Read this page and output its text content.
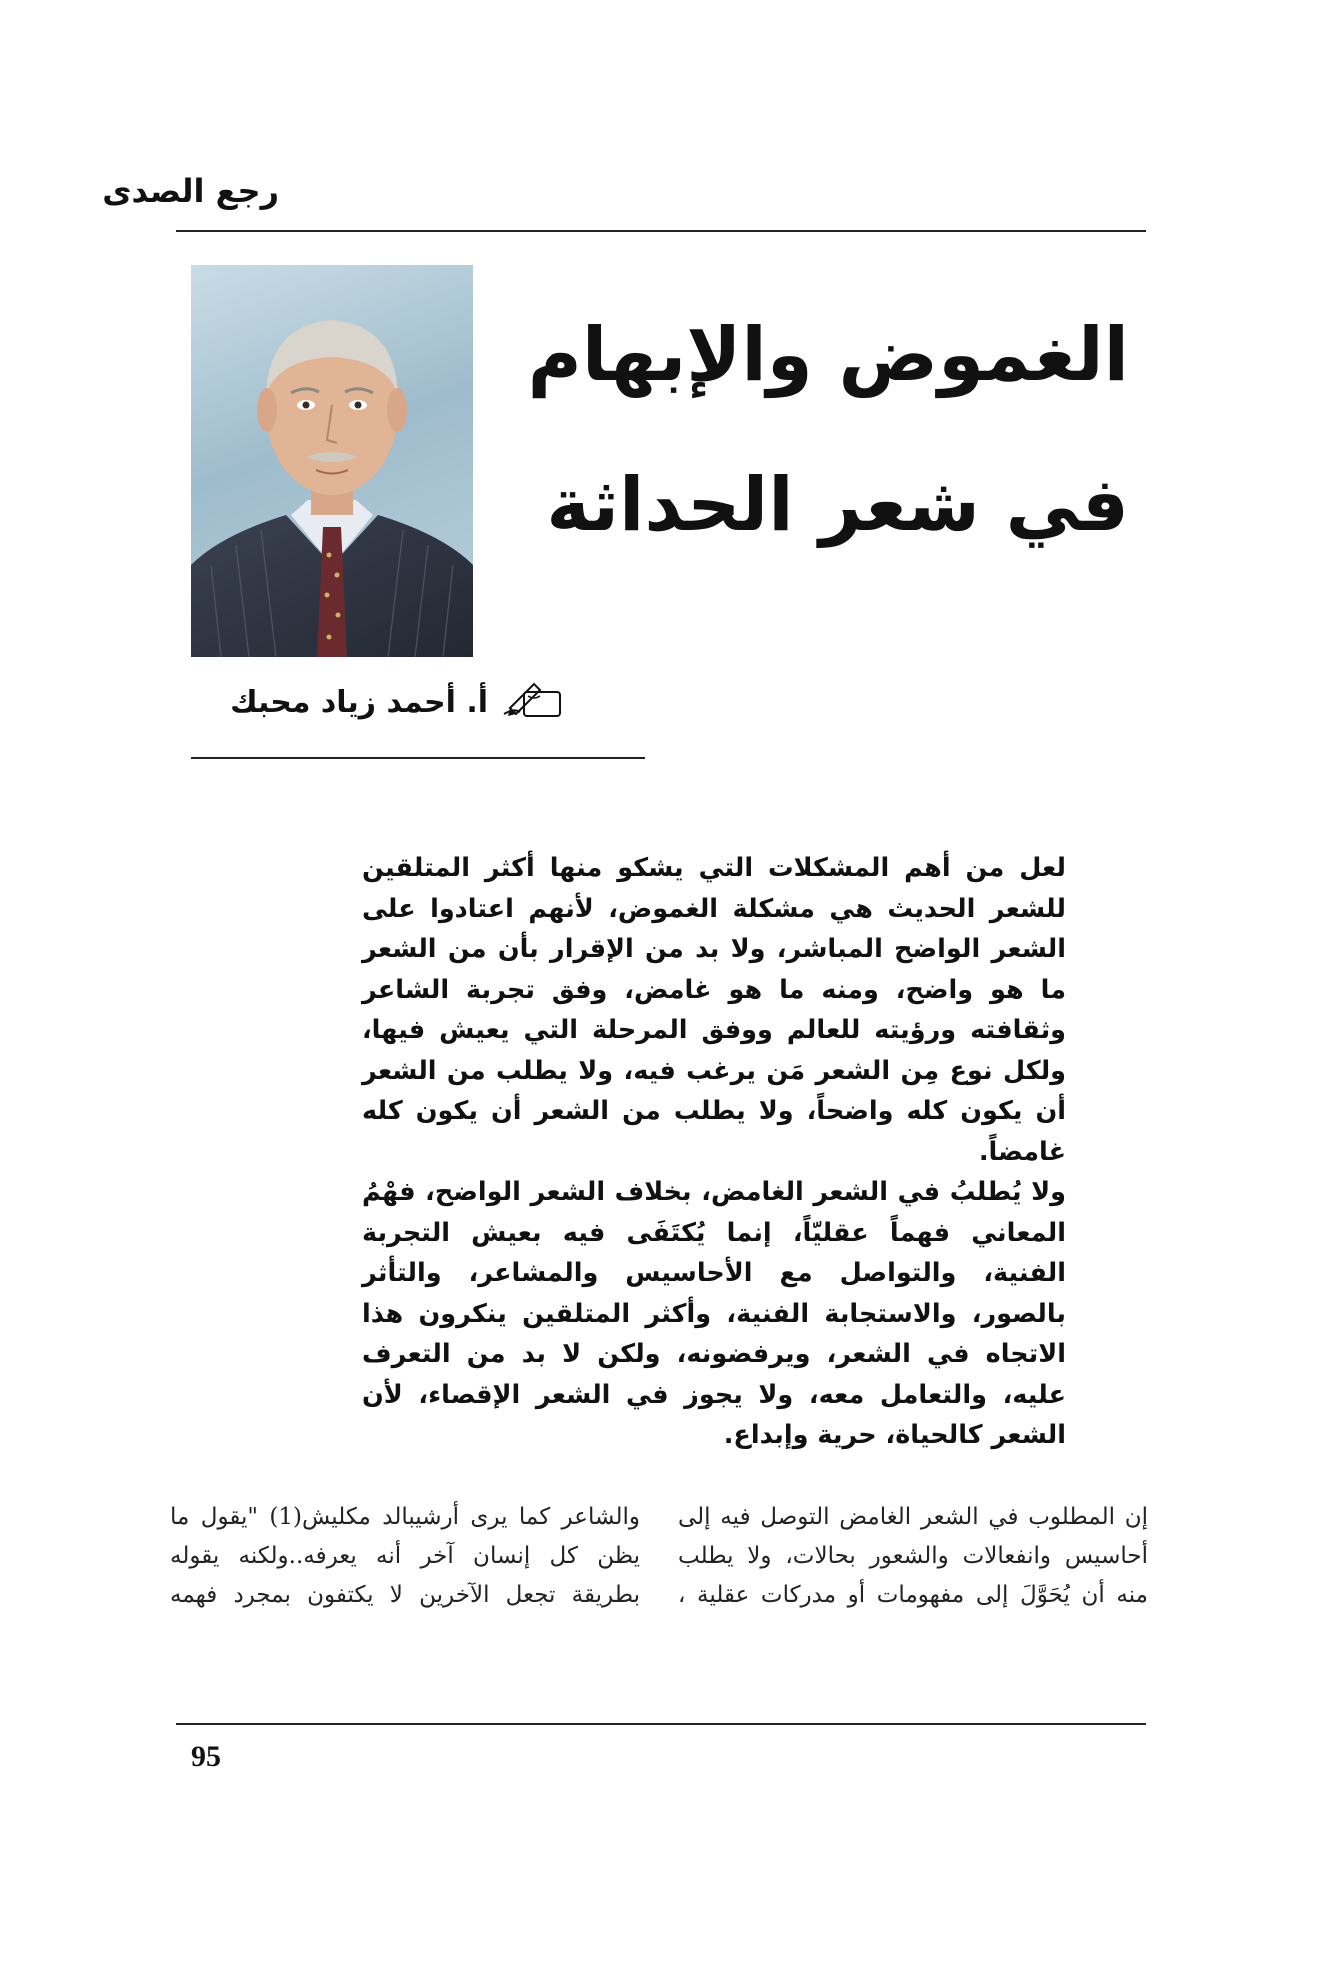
رجع الصدى
الغموض والإبهام
في شعر الحداثة
أ. أحمد زياد محبك

لعل من أهم المشكلات التي يشكو منها أكثر المتلقين للشعر الحديث هي مشكلة الغموض، لأنهم اعتادوا على الشعر الواضح المباشر، ولا بد من الإقرار بأن من الشعر ما هو واضح، ومنه ما هو غامض، وفق تجربة الشاعر وثقافته ورؤيته للعالم ووفق المرحلة التي يعيش فيها، ولكل نوع مِن الشعر مَن يرغب فيه، ولا يطلب من الشعر أن يكون كله واضحاً، ولا يطلب من الشعر أن يكون كله غامضاً.

ولا يُطلبُ في الشعر الغامض، بخلاف الشعر الواضح، فهْمُ المعاني فهماً عقليّاً، إنما يُكتَفَى فيه بعيش التجربة الفنية، والتواصل مع الأحاسيس والمشاعر، والتأثر بالصور، والاستجابة الفنية، وأكثر المتلقين ينكرون هذا الاتجاه في الشعر، ويرفضونه، ولكن لا بد من التعرف عليه، والتعامل معه، ولا يجوز في الشعر الإقصاء، لأن الشعر كالحياة، حرية وإبداع.

إن المطلوب في الشعر الغامض التوصل فيه إلى أحاسيس وانفعالات والشعور بحالات، ولا يطلب منه أن يُحَوَّلَ إلى مفهومات أو مدركات عقلية ،
والشاعر كما يرى أرشيبالد مكليش(1) "يقول ما يظن كل إنسان آخر أنه يعرفه..ولكنه يقوله بطريقة تجعل الآخرين لا يكتفون بمجرد فهمه
95
